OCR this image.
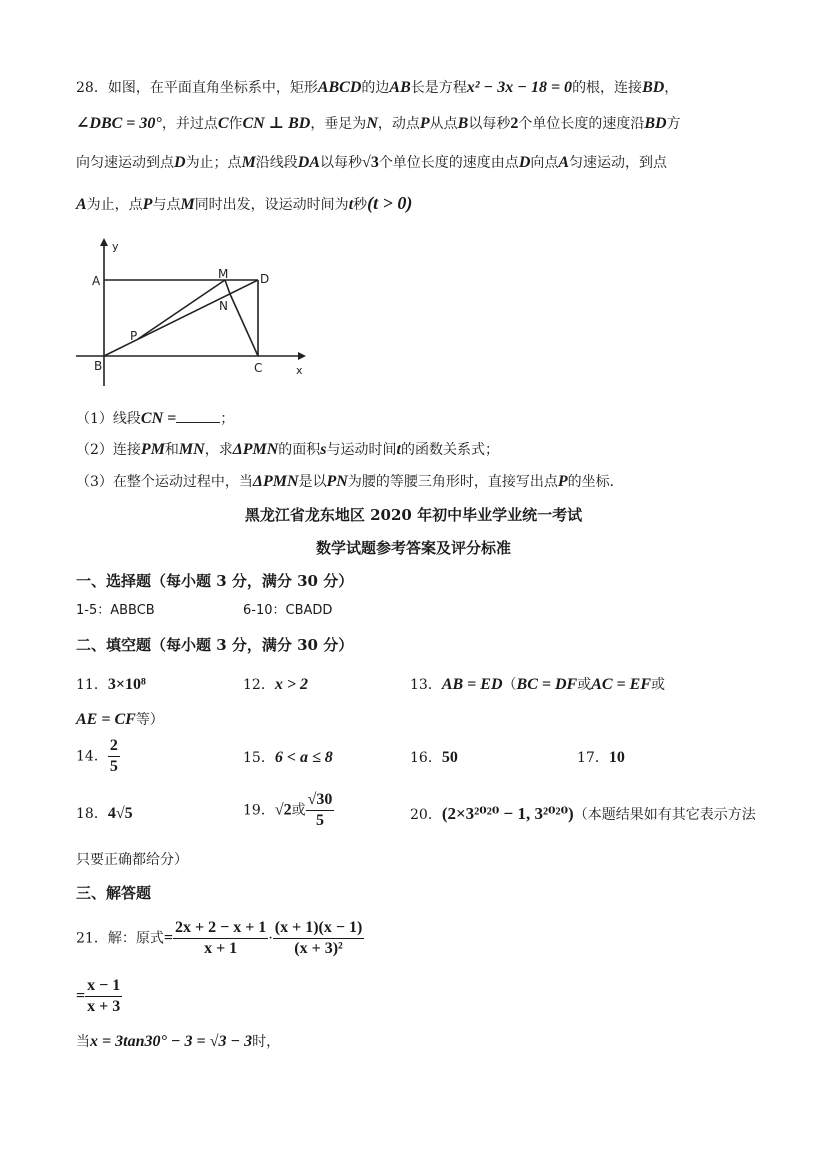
28．如图，在平面直角坐标系中，矩形ABCD的边AB长是方程x² − 3x − 18 = 0的根，连接BD，
∠DBC = 30°，并过点C作CN ⊥ BD，垂足为N，动点P从点B以每秒2个单位长度的速度沿BD方
向匀速运动到点D为止；点M沿线段DA以每秒√3个单位长度的速度由点D向点A匀速运动，到点
A为止，点P与点M同时出发，设运动时间为t秒(t > 0)
y
A	M	D
N
P
B	C	x
（1）线段CN =	；
（2）连接PM和MN，求ΔPMN的面积s与运动时间t的函数关系式；
（3）在整个运动过程中，当ΔPMN是以PN为腰的等腰三角形时，直接写出点P的坐标．
黑龙江省龙东地区 2020 年初中毕业学业统一考试
数学试题参考答案及评分标准
一、选择题（每小题 3 分，满分 30 分）
1-5：ABBCB	6-10：CBADD
二、填空题（每小题 3 分，满分 30 分）
11．3×10⁸	12．x > 2	13．AB = ED（BC = DF或AC = EF或
AE = CF等）
14． $\frac{2}{5}$	15．6 < a ≤ 8	16．50	17．10
18．4√5	19．√2或 $\frac{√30}{5}$	20．(2×3²⁰²⁰ − 1, 3²⁰²⁰)（本题结果如有其它表示方法
只要正确都给分）
三、解答题
21．解：原式= $\frac{2x + 2 - x + 1}{x + 1} \cdot \frac{(x + 1)(x - 1)}{\text{(x + 3)²}}$
= $\frac{x - 1}{x + 3}$
当x = 3tan30° − 3 = √3 − 3时，
